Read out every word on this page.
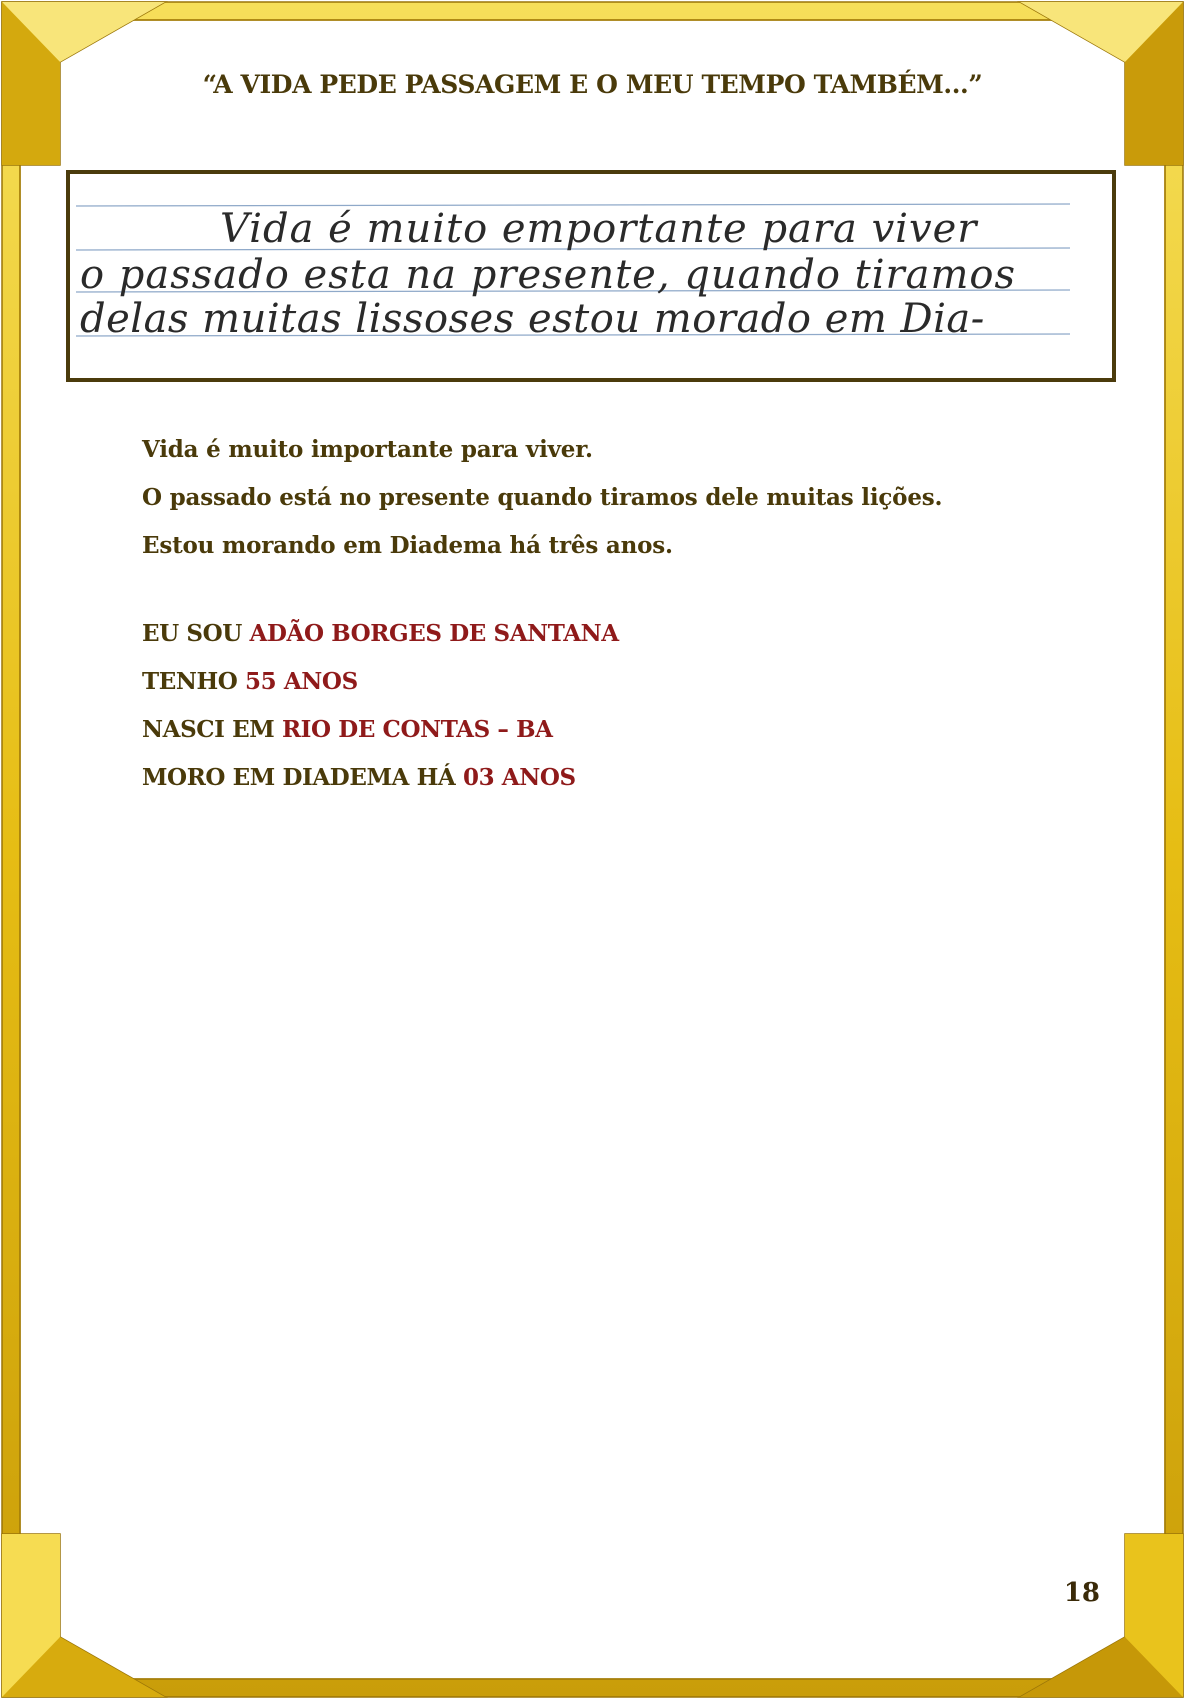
“A VIDA PEDE PASSAGEM E O MEU TEMPO TAMBÉM...”
Vida é muito emportante para viver
o passado esta na presente, quando tiramos
delas muitas lissoses estou morado em Dia-
Vida é muito importante para viver.
O passado está no presente quando tiramos dele muitas lições.
Estou morando em Diadema há três anos.
EU SOU ADÃO BORGES DE SANTANA
TENHO 55 ANOS
NASCI EM RIO DE CONTAS – BA
MORO EM DIADEMA HÁ 03 ANOS
18
